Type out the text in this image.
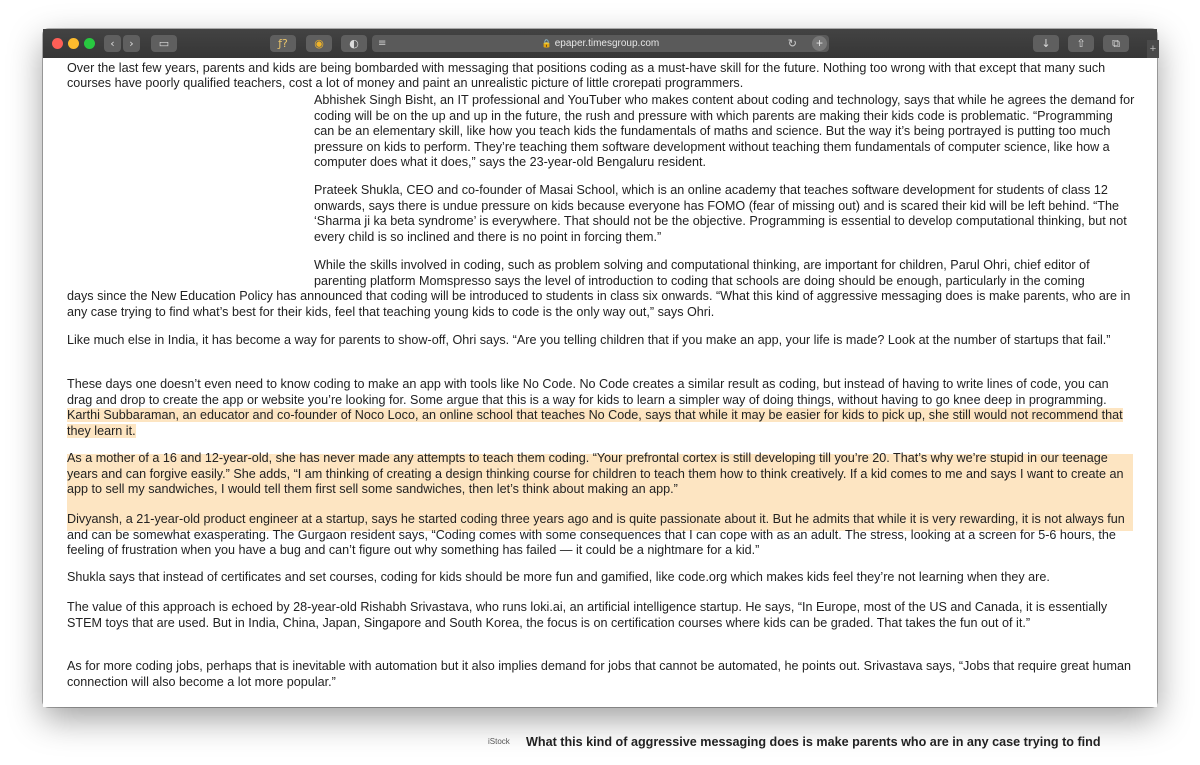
‹	›	▭	ƒ?	◉	◐	≡	🔒 epaper.timesgroup.com	↻	+	↓	⇧	⧉	+

Over the last few years, parents and kids are being bombarded with messaging that positions coding as a must-have skill for the future. Nothing too wrong with that except that many such courses have poorly qualified teachers, cost a lot of money and paint an unrealistic picture of little crorepati programmers.

Abhishek Singh Bisht, an IT professional and YouTuber who makes content about coding and technology, says that while he agrees the demand for coding will be on the up and up in the future, the rush and pressure with which parents are making their kids code is problematic. “Programming can be an elementary skill, like how you teach kids the fundamentals of maths and science. But the way it’s being portrayed is putting too much pressure on kids to perform. They’re teaching them software development without teaching them fundamentals of computer science, like how a computer does what it does,” says the 23-year-old Bengaluru resident.

Prateek Shukla, CEO and co-founder of Masai School, which is an online academy that teaches software development for students of class 12 onwards, says there is undue pressure on kids because everyone has FOMO (fear of missing out) and is scared their kid will be left behind. “The ‘Sharma ji ka beta syndrome’ is everywhere. That should not be the objective. Programming is essential to develop computational thinking, but not every child is so inclined and there is no point in forcing them.”

While the skills involved in coding, such as problem solving and computational thinking, are important for children, Parul Ohri, chief editor of parenting platform Momspresso says the level of introduction to coding that schools are doing should be enough, particularly in the coming

days since the New Education Policy has announced that coding will be introduced to students in class six onwards. “What this kind of aggressive messaging does is make parents, who are in any case trying to find what’s best for their kids, feel that teaching young kids to code is the only way out,” says Ohri.

Like much else in India, it has become a way for parents to show-off, Ohri says. “Are you telling children that if you make an app, your life is made? Look at the number of startups that fail.”

These days one doesn’t even need to know coding to make an app with tools like No Code. No Code creates a similar result as coding, but instead of having to write lines of code, you can drag and drop to create the app or website you’re looking for. Some argue that this is a way for kids to learn a simpler way of doing things, without having to go knee deep in programming. Karthi Subbaraman, an educator and co-founder of Noco Loco, an online school that teaches No Code, says that while it may be easier for kids to pick up, she still would not recommend that they learn it.

As a mother of a 16 and 12-year-old, she has never made any attempts to teach them coding. “Your prefrontal cortex is still developing till you’re 20. That’s why we’re stupid in our teenage years and can forgive easily.” She adds, “I am thinking of creating a design thinking course for children to teach them how to think creatively. If a kid comes to me and says I want to create an app to sell my sandwiches, I would tell them first sell some sandwiches, then let’s think about making an app.”

Divyansh, a 21-year-old product engineer at a startup, says he started coding three years ago and is quite passionate about it. But he admits that while it is very rewarding, it is not always fun and can be somewhat exasperating. The Gurgaon resident says, “Coding comes with some consequences that I can cope with as an adult. The stress, looking at a screen for 5-6 hours, the feeling of frustration when you have a bug and can’t figure out why something has failed — it could be a nightmare for a kid.”

Shukla says that instead of certificates and set courses, coding for kids should be more fun and gamified, like code.org which makes kids feel they’re not learning when they are.

The value of this approach is echoed by 28-year-old Rishabh Srivastava, who runs loki.ai, an artificial intelligence startup. He says, “In Europe, most of the US and Canada, it is essentially STEM toys that are used. But in India, China, Japan, Singapore and South Korea, the focus is on certification courses where kids can be graded. That takes the fun out of it.”

As for more coding jobs, perhaps that is inevitable with automation but it also implies demand for jobs that cannot be automated, he points out. Srivastava says, “Jobs that require great human connection will also become a lot more popular.”

iStock What this kind of aggressive messaging does is make parents who are in any case trying to find
